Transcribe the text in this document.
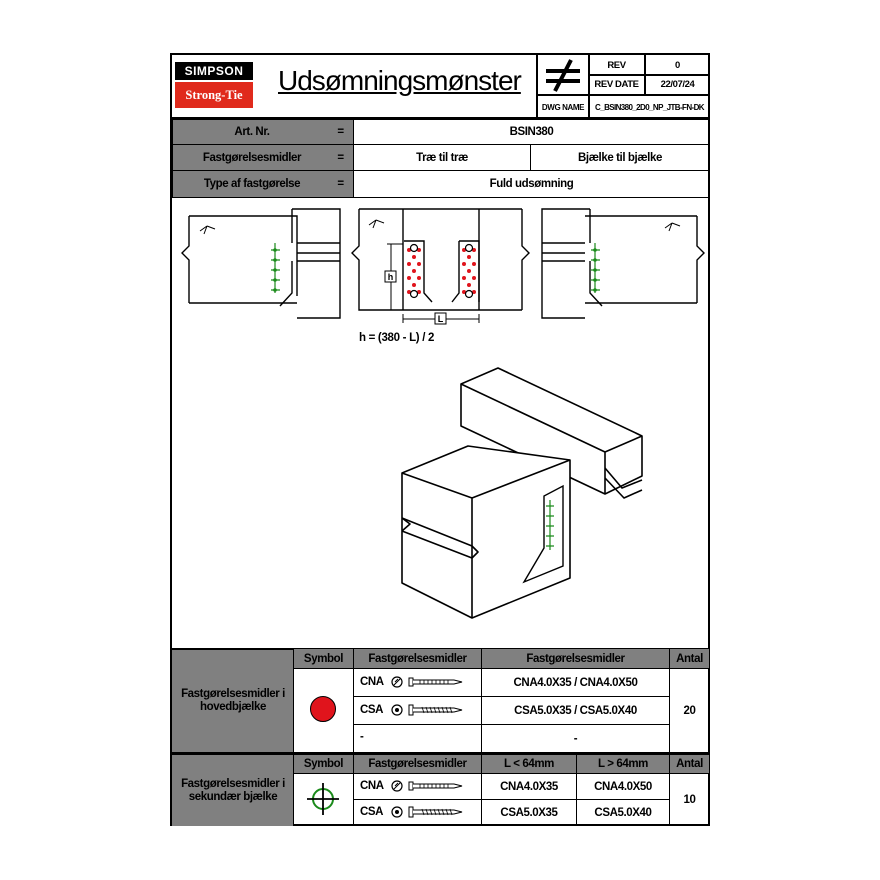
SIMPSON
Strong-Tie	Udsømningsmønster	REV	0
REV DATE	22/07/24
DWG NAME	C_BSIN380_2D0_NP_JTB-FN-DK
Art. Nr.	=	BSIN380
Fastgørelsesmidler	=	Træ til træ	Bjælke til bjælke
Type af fastgørelse	=	Fuld udsømning
h
L
h = (380 - L) / 2
Fastgørelsesmidler i hovedbjælke
Symbol	Fastgørelsesmidler	Fastgørelsesmidler	Antal
CNA	CNA4.0X35 / CNA4.0X50
CSA	CSA5.0X35 / CSA5.0X40
-	-
20
Fastgørelsesmidler i sekundær bjælke
Symbol	Fastgørelsesmidler	L < 64mm	L > 64mm	Antal
CNA	CNA4.0X35	CNA4.0X50
CSA	CSA5.0X35	CSA5.0X40
10
